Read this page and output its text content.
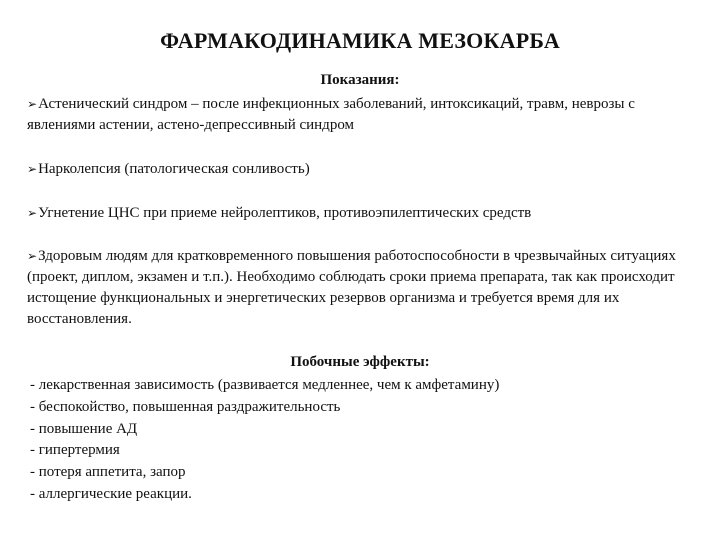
ФАРМАКОДИНАМИКА МЕЗОКАРБА
Показания:
➢Астенический синдром – после инфекционных заболеваний, интоксикаций, травм, неврозы с явлениями астении, астено-депрессивный синдром
➢Нарколепсия (патологическая сонливость)
➢Угнетение ЦНС при приеме нейролептиков, противоэпилептических средств
➢Здоровым людям для кратковременного повышения работоспособности в чрезвычайных ситуациях (проект, диплом, экзамен и т.п.). Необходимо соблюдать сроки приема препарата, так как происходит истощение функциональных и энергетических резервов организма и требуется время для их восстановления.
Побочные эффекты:
- лекарственная зависимость (развивается медленнее, чем к амфетамину)
- беспокойство, повышенная раздражительность
- повышение АД
- гипертермия
- потеря аппетита, запор
- аллергические реакции.
